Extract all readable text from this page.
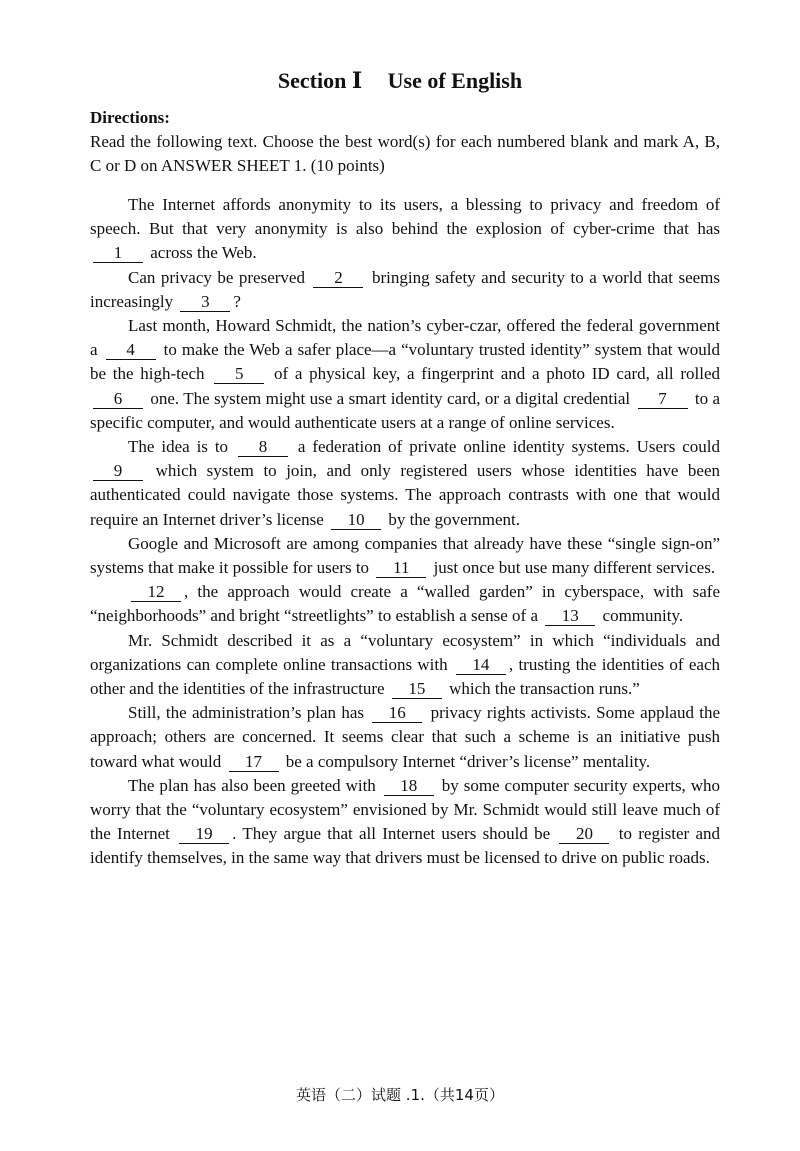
Section Ⅰ Use of English
Directions:
Read the following text. Choose the best word(s) for each numbered blank and mark A, B, C or D on ANSWER SHEET 1. (10 points)

The Internet affords anonymity to its users, a blessing to privacy and freedom of speech. But that very anonymity is also behind the explosion of cyber-crime that has 1 across the Web.

Can privacy be preserved 2 bringing safety and security to a world that seems increasingly 3 ?

Last month, Howard Schmidt, the nation’s cyber-czar, offered the federal government a 4 to make the Web a safer place—a “voluntary trusted identity” system that would be the high-tech 5 of a physical key, a fingerprint and a photo ID card, all rolled 6 one. The system might use a smart identity card, or a digital credential 7 to a specific computer, and would authenticate users at a range of online services.

The idea is to 8 a federation of private online identity systems. Users could 9 which system to join, and only registered users whose identities have been authenticated could navigate those systems. The approach contrasts with one that would require an Internet driver’s license 10 by the government.

Google and Microsoft are among companies that already have these “single sign-on” systems that make it possible for users to 11 just once but use many different services.

12 , the approach would create a “walled garden” in cyberspace, with safe “neighborhoods” and bright “streetlights” to establish a sense of a 13 community.

Mr. Schmidt described it as a “voluntary ecosystem” in which “individuals and organizations can complete online transactions with 14 , trusting the identities of each other and the identities of the infrastructure 15 which the transaction runs.”

Still, the administration’s plan has 16 privacy rights activists. Some applaud the approach; others are concerned. It seems clear that such a scheme is an initiative push toward what would 17 be a compulsory Internet “driver’s license” mentality.

The plan has also been greeted with 18 by some computer security experts, who worry that the “voluntary ecosystem” envisioned by Mr. Schmidt would still leave much of the Internet 19 . They argue that all Internet users should be 20 to register and identify themselves, in the same way that drivers must be licensed to drive on public roads.

英语（二）试题 .1.（共14页）
